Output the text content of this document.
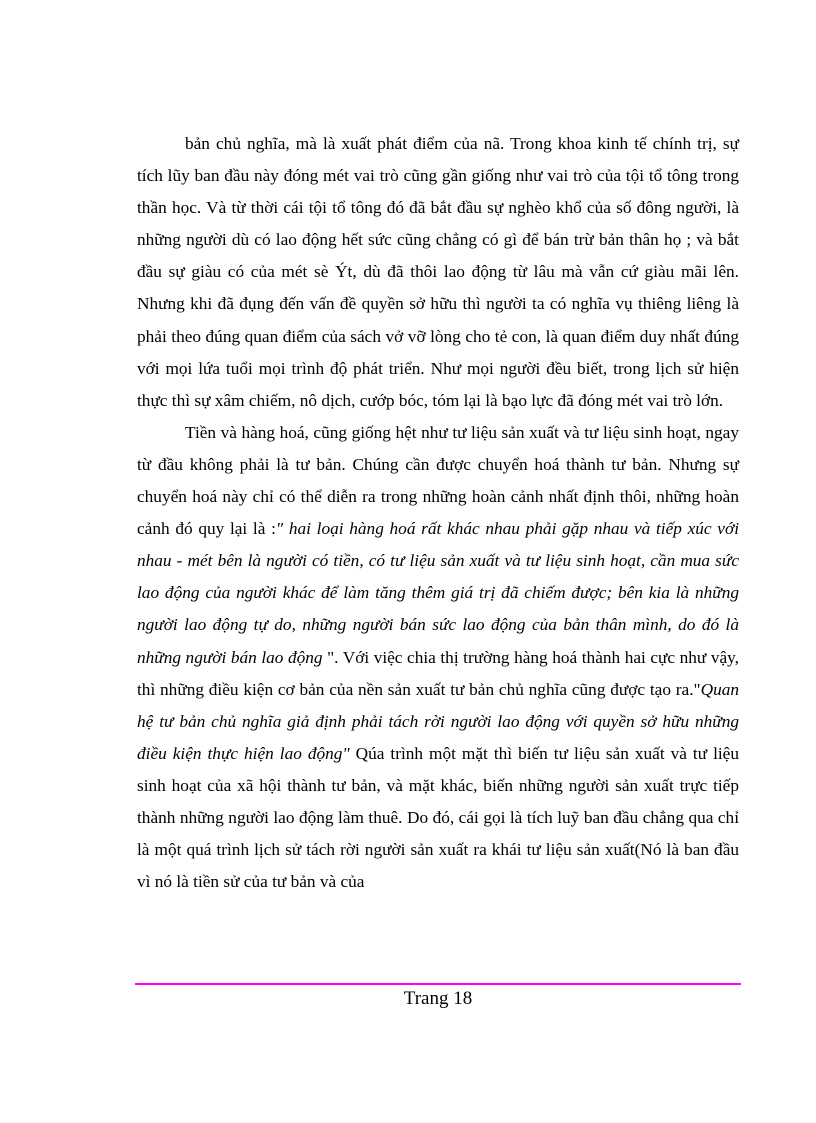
bản chủ nghĩa, mà là xuất phát điểm của nã. Trong khoa kinh tế chính trị, sự tích lũy ban đầu này đóng mét vai trò cũng gần giống như vai trò của tội tổ tông trong thần học. Và từ thời cái tội tổ tông đó đã bắt đầu sự nghèo khổ của số đông người, là những người dù có lao động hết sức cũng chẳng có gì để bán trừ bản thân họ ; và bắt đầu sự giàu có của mét sè Ýt, dù đã thôi lao động từ lâu mà vẫn cứ giàu mãi lên. Nhưng khi đã đụng đến vấn đề quyền sở hữu thì người ta có nghĩa vụ thiêng liêng là phải theo đúng quan điểm của sách vở vỡ lòng cho tẻ con, là quan điểm duy nhất đúng với mọi lứa tuổi mọi trình độ phát triển. Như mọi người đều biết, trong lịch sử hiện thực thì sự xâm chiếm, nô dịch, cướp bóc, tóm lại là bạo lực đã đóng mét vai trò lớn.

Tiền và hàng hoá, cũng giống hệt như tư liệu sản xuất và tư liệu sinh hoạt, ngay từ đầu không phải là tư bản. Chúng cần được chuyển hoá thành tư bản. Nhưng sự chuyển hoá này chỉ có thể diễn ra trong những hoàn cảnh nhất định thôi, những hoàn cảnh đó quy lại là :" hai loại hàng hoá rất khác nhau phải gặp nhau và tiếp xúc với nhau - mét bên là người có tiền, có tư liệu sản xuất và tư liệu sinh hoạt, cần mua sức lao động của người khác để làm tăng thêm giá trị đã chiếm được; bên kia là những người lao động tự do, những người bán sức lao động của bản thân mình, do đó là những người bán lao động ". Với việc chia thị trường hàng hoá thành hai cực như vậy, thì những điều kiện cơ bản của nền sản xuất tư bản chủ nghĩa cũng được tạo ra."Quan hệ tư bản chủ nghĩa giả định phải tách rời người lao động với quyền sở hữu những điều kiện thực hiện lao động" Qúa trình một mặt thì biến tư liệu sản xuất và tư liệu sinh hoạt của xã hội thành tư bản, và mặt khác, biến những người sản xuất trực tiếp thành những người lao động làm thuê. Do đó, cái gọi là tích luỹ ban đầu chẳng qua chỉ là một quá trình lịch sử tách rời người sản xuất ra khái tư liệu sản xuất(Nó là ban đầu vì nó là tiền sử của tư bản và của

Trang 18
